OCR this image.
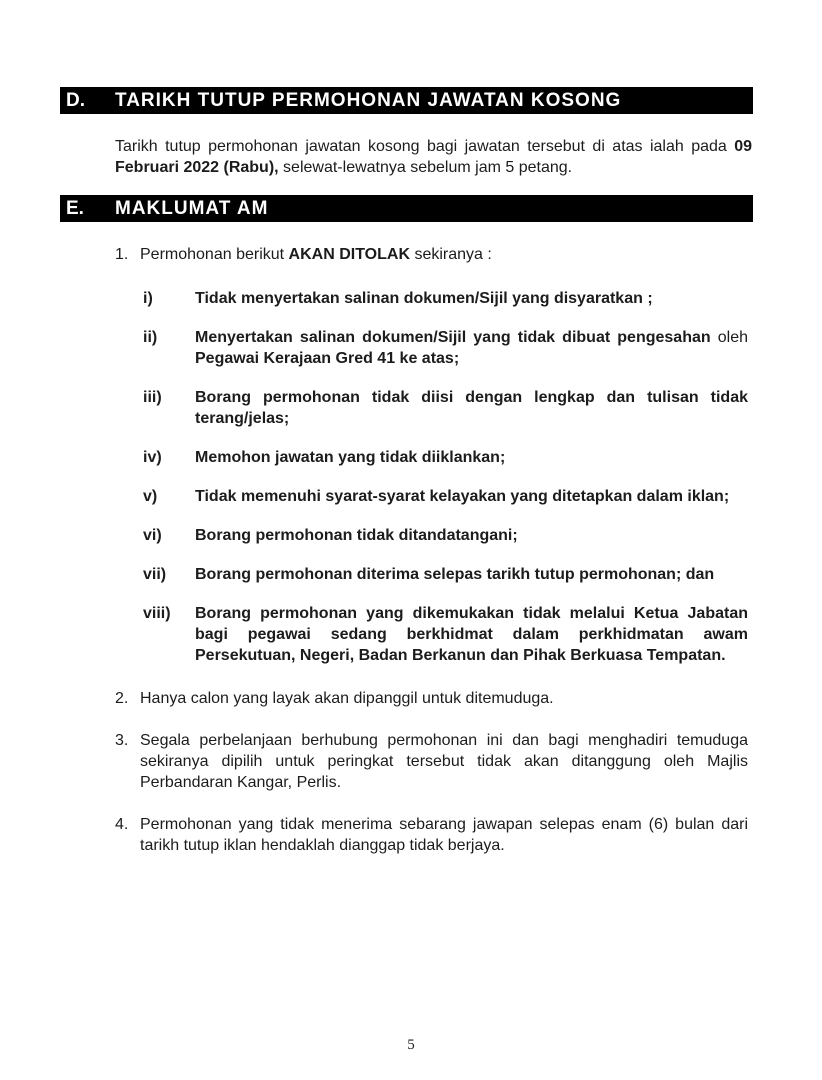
D.	TARIKH TUTUP PERMOHONAN JAWATAN KOSONG

Tarikh tutup permohonan jawatan kosong bagi jawatan tersebut di atas ialah pada 09 Februari 2022 (Rabu), selewat-lewatnya sebelum jam 5 petang.

E.	MAKLUMAT AM
1. Permohonan berikut AKAN DITOLAK sekiranya :
i)	Tidak menyertakan salinan dokumen/Sijil yang disyaratkan ;
ii)	Menyertakan salinan dokumen/Sijil yang tidak dibuat pengesahan oleh Pegawai Kerajaan Gred 41 ke atas;
iii)	Borang permohonan tidak diisi dengan lengkap dan tulisan tidak terang/jelas;
iv)	Memohon jawatan yang tidak diiklankan;
v)	Tidak memenuhi syarat-syarat kelayakan yang ditetapkan dalam iklan;
vi)	Borang permohonan tidak ditandatangani;
vii)	Borang permohonan diterima selepas tarikh tutup permohonan; dan
viii)	Borang permohonan yang dikemukakan tidak melalui Ketua Jabatan bagi pegawai sedang berkhidmat dalam perkhidmatan awam Persekutuan, Negeri, Badan Berkanun dan Pihak Berkuasa Tempatan.
2. Hanya calon yang layak akan dipanggil untuk ditemuduga.
3. Segala perbelanjaan berhubung permohonan ini dan bagi menghadiri temuduga sekiranya dipilih untuk peringkat tersebut tidak akan ditanggung oleh Majlis Perbandaran Kangar, Perlis.
4. Permohonan yang tidak menerima sebarang jawapan selepas enam (6) bulan dari tarikh tutup iklan hendaklah dianggap tidak berjaya.
5
